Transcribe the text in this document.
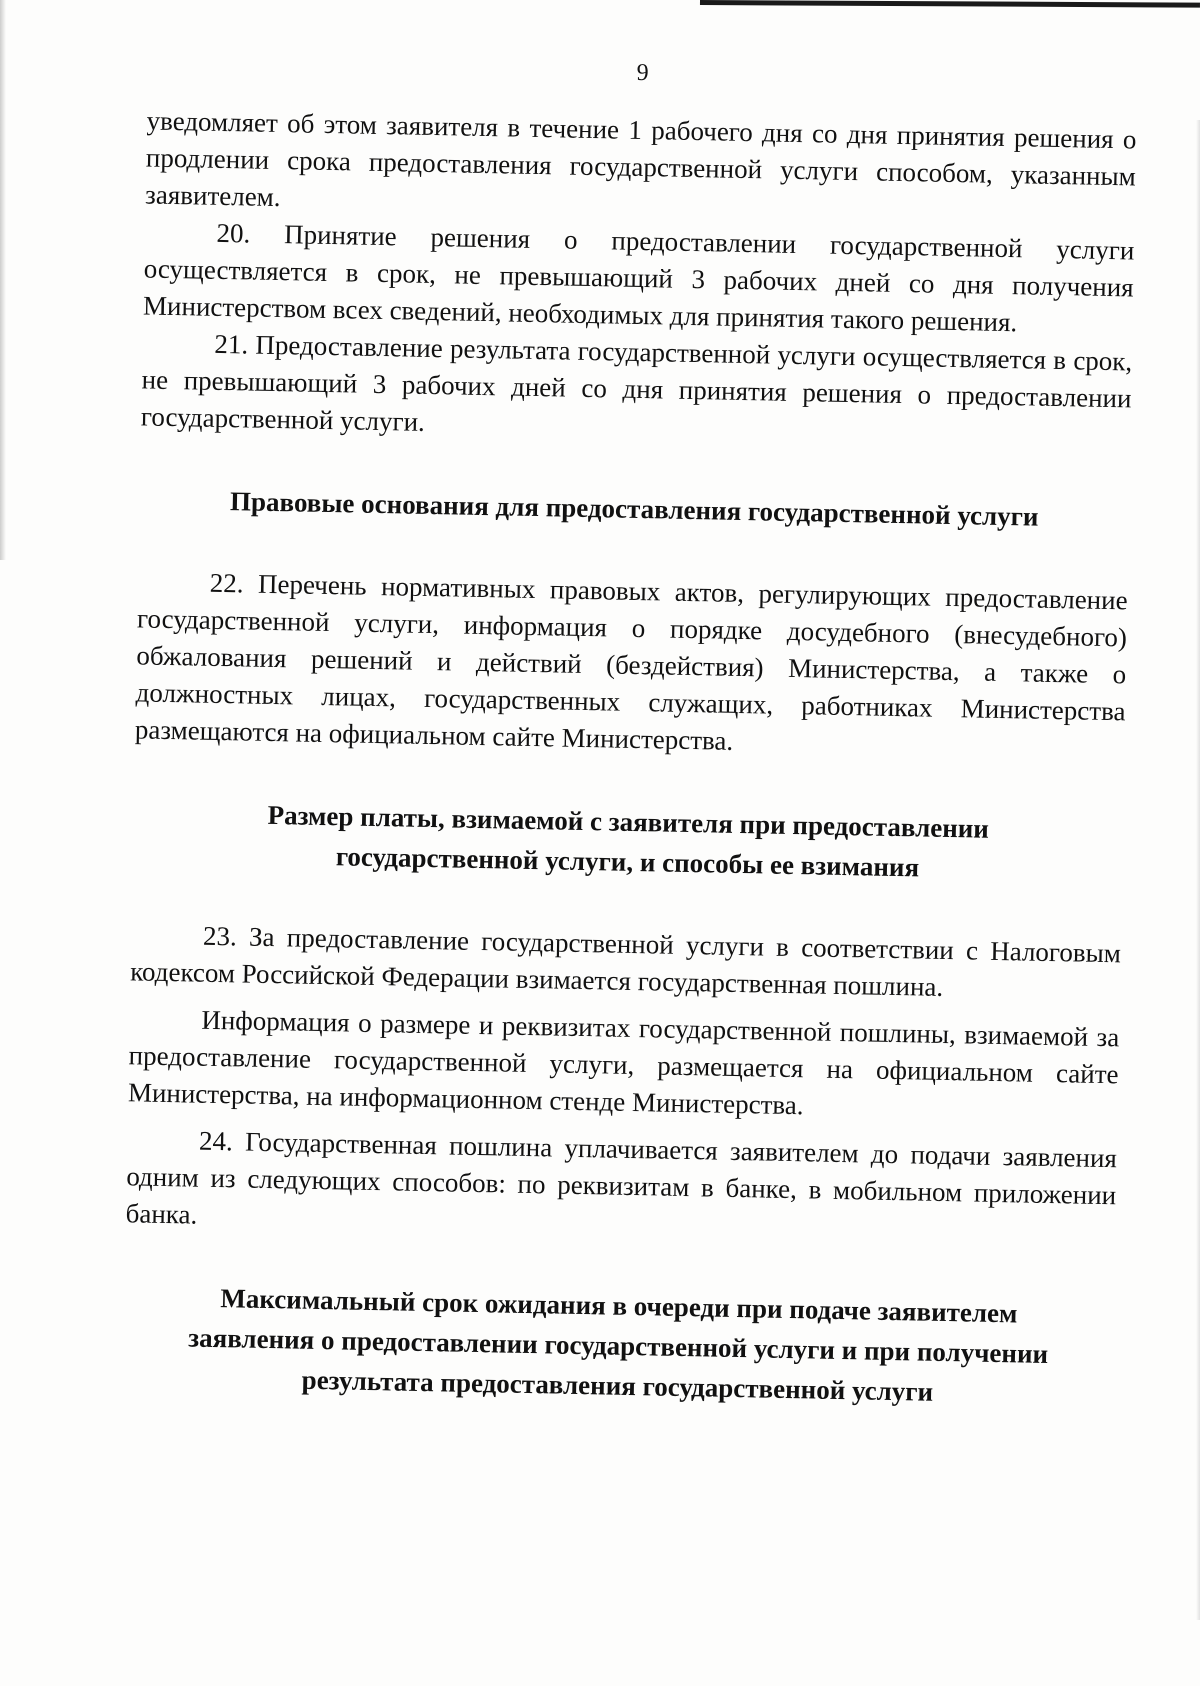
9

уведомляет об этом заявителя в течение 1 рабочего дня со дня принятия решения о продлении срока предоставления государственной услуги способом, указанным заявителем.

20. Принятие решения о предоставлении государственной услуги осуществляется в срок, не превышающий 3 рабочих дней со дня получения Министерством всех сведений, необходимых для принятия такого решения.

21. Предоставление результата государственной услуги осуществляется в срок, не превышающий 3 рабочих дней со дня принятия решения о предоставлении государственной услуги.

Правовые основания для предоставления государственной услуги

22. Перечень нормативных правовых актов, регулирующих предоставление государственной услуги, информация о порядке досудебного (внесудебного) обжалования решений и действий (бездействия) Министерства, а также о должностных лицах, государственных служащих, работниках Министерства размещаются на официальном сайте Министерства.

Размер платы, взимаемой с заявителя при предоставлении

государственной услуги, и способы ее взимания

23. За предоставление государственной услуги в соответствии с Налоговым кодексом Российской Федерации взимается государственная пошлина.

Информация о размере и реквизитах государственной пошлины, взимаемой за предоставление государственной услуги, размещается на официальном сайте Министерства, на информационном стенде Министерства.

24. Государственная пошлина уплачивается заявителем до подачи заявления одним из следующих способов: по реквизитам в банке, в мобильном приложении банка.

Максимальный срок ожидания в очереди при подаче заявителем

заявления о предоставлении государственной услуги и при получении

результата предоставления государственной услуги
